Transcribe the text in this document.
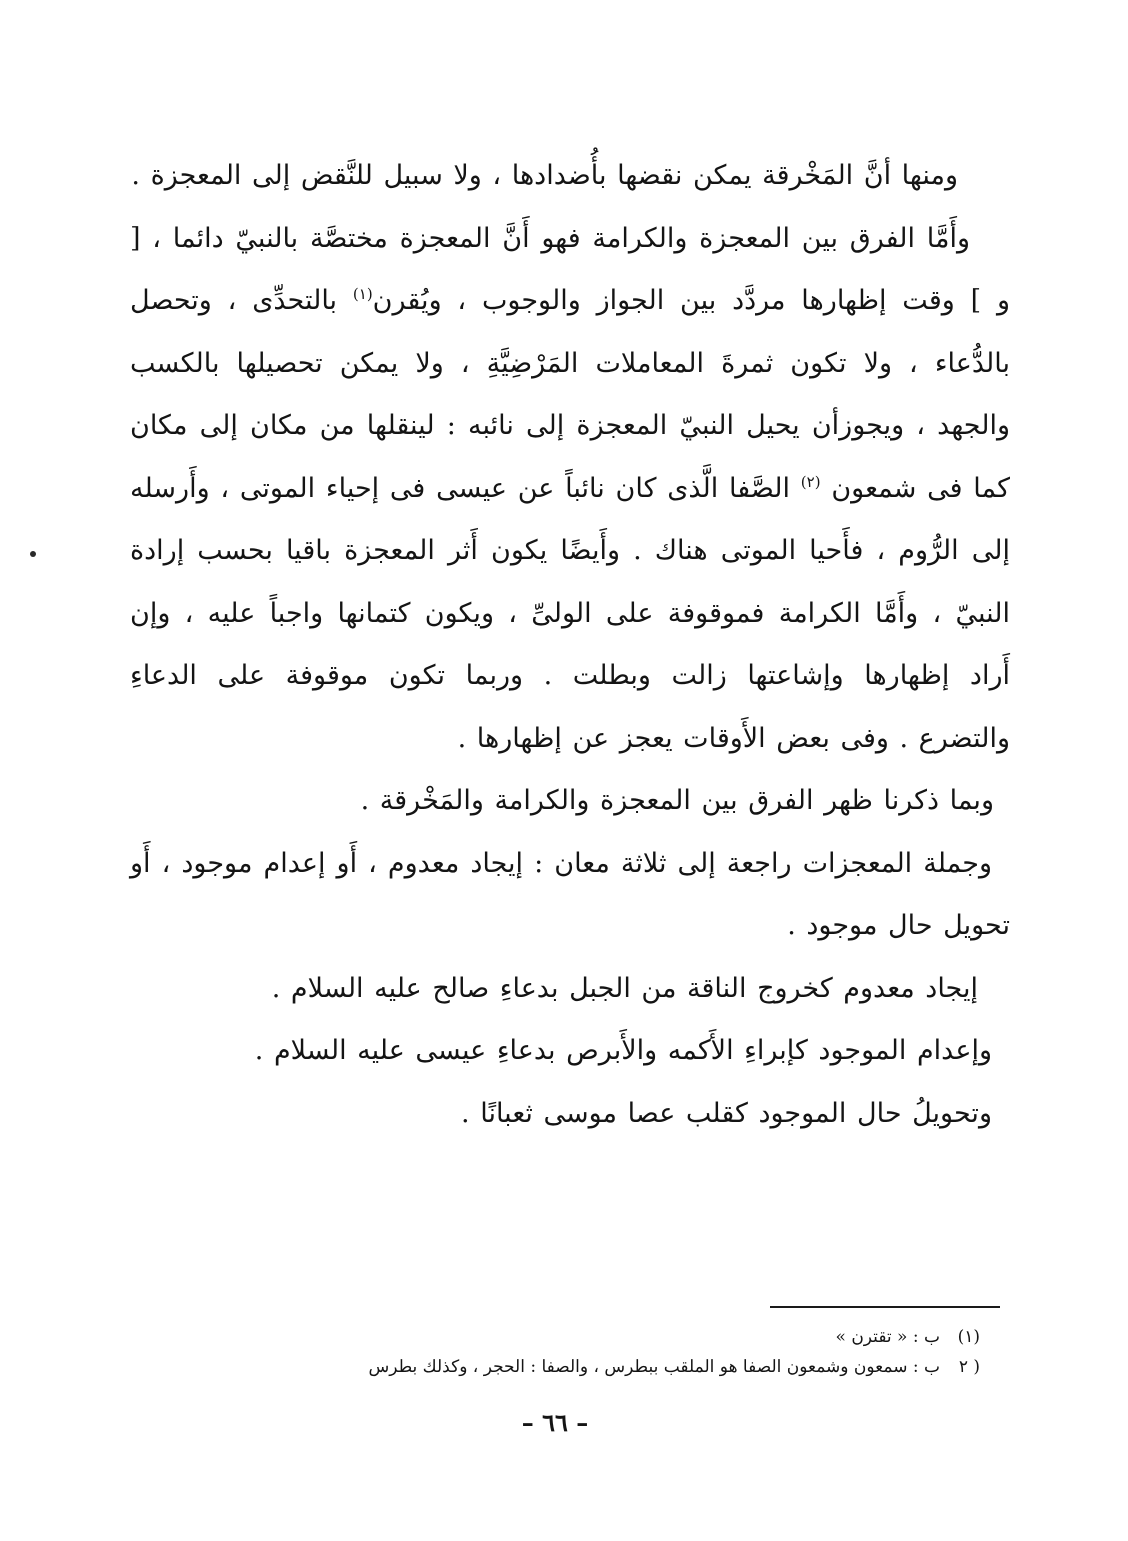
ومنها أنَّ المَخْرقة يمكن نقضها بأُضدادها ، ولا سبيل للنَّقض إلى المعجزة .

وأَمَّا الفرق بين المعجزة والكرامة فهو أَنَّ المعجزة مختصَّة بالنبيّ دائما ، [ و ] وقت إظهارها مردَّد بين الجواز والوجوب ، ويُقرن$^{(١)}$ بالتحدِّى ، وتحصل بالدُّعاء ، ولا تكون ثمرةَ المعاملات المَرْضِيَّةِ ، ولا يمكن تحصيلها بالكسب والجهد ، ويجوزأن يحيل النبيّ المعجزة إلى نائبه : لينقلها من مكان إلى مكان كما فى شمعون $^{(٢)}$ الصَّفا الَّذى كان نائباً عن عيسى فى إحياء الموتى ، وأَرسله إلى الرُّوم ، فأَحيا الموتى هناك . وأَيضًا يكون أَثر المعجزة باقيا بحسب إرادة النبيّ ، وأَمَّا الكرامة فموقوفة على الولىِّ ، ويكون كتمانها واجباً عليه ، وإن أَراد إظهارها وإشاعتها زالت وبطلت . وربما تكون موقوفة على الدعاءِ والتضرع . وفى بعض الأَوقات يعجز عن إظهارها .

وبما ذكرنا ظهر الفرق بين المعجزة والكرامة والمَخْرقة .

وجملة المعجزات راجعة إلى ثلاثة معان : إيجاد معدوم ، أَو إعدام موجود ، أَو تحويل حال موجود .

إيجاد معدوم كخروج الناقة من الجبل بدعاءِ صالح عليه السلام .

وإعدام الموجود كإبراءِ الأَكمه والأَبرص بدعاءِ عيسى عليه السلام .

وتحويلُ حال الموجود كقلب عصا موسى ثعبانًا .

(١)
ب : « تقترن »
( ٢
ب : سمعون وشمعون الصفا هو الملقب ببطرس ، والصفا : الحجر ، وكذلك بطرس
– ٦٦ –
